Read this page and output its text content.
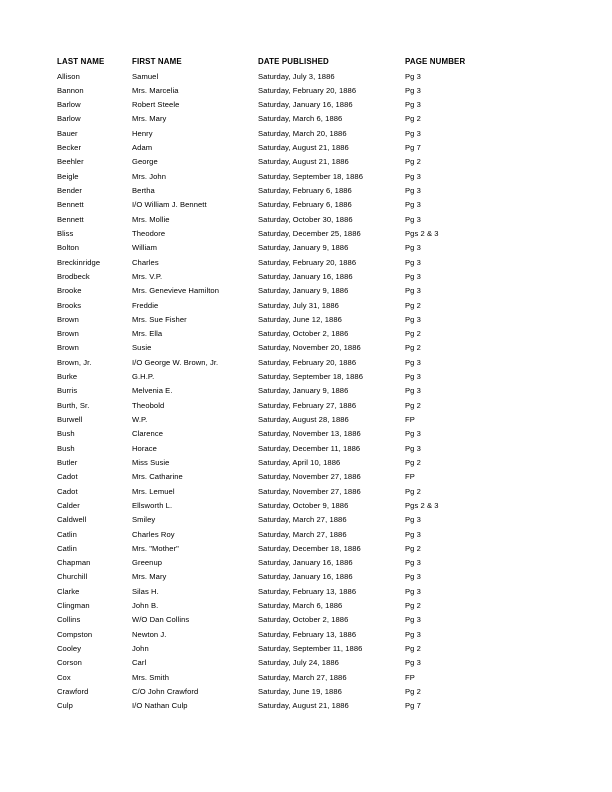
LAST NAME	FIRST NAME	DATE PUBLISHED	PAGE NUMBER
Allison	Samuel	Saturday, July 3, 1886	Pg 3
Bannon	Mrs. Marcelia	Saturday, February 20, 1886	Pg 3
Barlow	Robert Steele	Saturday, January 16, 1886	Pg 3
Barlow	Mrs. Mary	Saturday, March 6, 1886	Pg 2
Bauer	Henry	Saturday, March 20, 1886	Pg 3
Becker	Adam	Saturday, August 21, 1886	Pg 7
Beehler	George	Saturday, August 21, 1886	Pg 2
Beigle	Mrs. John	Saturday, September 18, 1886	Pg 3
Bender	Bertha	Saturday, February 6, 1886	Pg 3
Bennett	I/O William J. Bennett	Saturday, February 6, 1886	Pg 3
Bennett	Mrs. Mollie	Saturday, October 30, 1886	Pg 3
Bliss	Theodore	Saturday, December 25, 1886	Pgs 2 & 3
Bolton	William	Saturday, January 9, 1886	Pg 3
Breckinridge	Charles	Saturday, February 20, 1886	Pg 3
Brodbeck	Mrs. V.P.	Saturday, January 16, 1886	Pg 3
Brooke	Mrs. Genevieve Hamilton	Saturday, January 9, 1886	Pg 3
Brooks	Freddie	Saturday, July 31, 1886	Pg 2
Brown	Mrs. Sue Fisher	Saturday, June 12, 1886	Pg 3
Brown	Mrs. Ella	Saturday, October 2, 1886	Pg 2
Brown	Susie	Saturday, November 20, 1886	Pg 2
Brown, Jr.	I/O George W. Brown, Jr.	Saturday, February 20, 1886	Pg 3
Burke	G.H.P.	Saturday, September 18, 1886	Pg 3
Burris	Melvenia E.	Saturday, January 9, 1886	Pg 3
Burth, Sr.	Theobold	Saturday, February 27, 1886	Pg 2
Burwell	W.P.	Saturday, August 28, 1886	FP
Bush	Clarence	Saturday, November 13, 1886	Pg 3
Bush	Horace	Saturday, December 11, 1886	Pg 3
Butler	Miss Susie	Saturday, April 10, 1886	Pg 2
Cadot	Mrs. Catharine	Saturday, November 27, 1886	FP
Cadot	Mrs. Lemuel	Saturday, November 27, 1886	Pg 2
Calder	Ellsworth L.	Saturday, October 9, 1886	Pgs 2 & 3
Caldwell	Smiley	Saturday, March 27, 1886	Pg 3
Catlin	Charles Roy	Saturday, March 27, 1886	Pg 3
Catlin	Mrs. "Mother"	Saturday, December 18, 1886	Pg 2
Chapman	Greenup	Saturday, January 16, 1886	Pg 3
Churchill	Mrs. Mary	Saturday, January 16, 1886	Pg 3
Clarke	Silas H.	Saturday, February 13, 1886	Pg 3
Clingman	John B.	Saturday, March 6, 1886	Pg 2
Collins	W/O Dan Collins	Saturday, October 2, 1886	Pg 3
Compston	Newton J.	Saturday, February 13, 1886	Pg 3
Cooley	John	Saturday, September 11, 1886	Pg 2
Corson	Carl	Saturday, July 24, 1886	Pg 3
Cox	Mrs. Smith	Saturday, March 27, 1886	FP
Crawford	C/O John Crawford	Saturday, June 19, 1886	Pg 2
Culp	I/O Nathan Culp	Saturday, August 21, 1886	Pg 7
